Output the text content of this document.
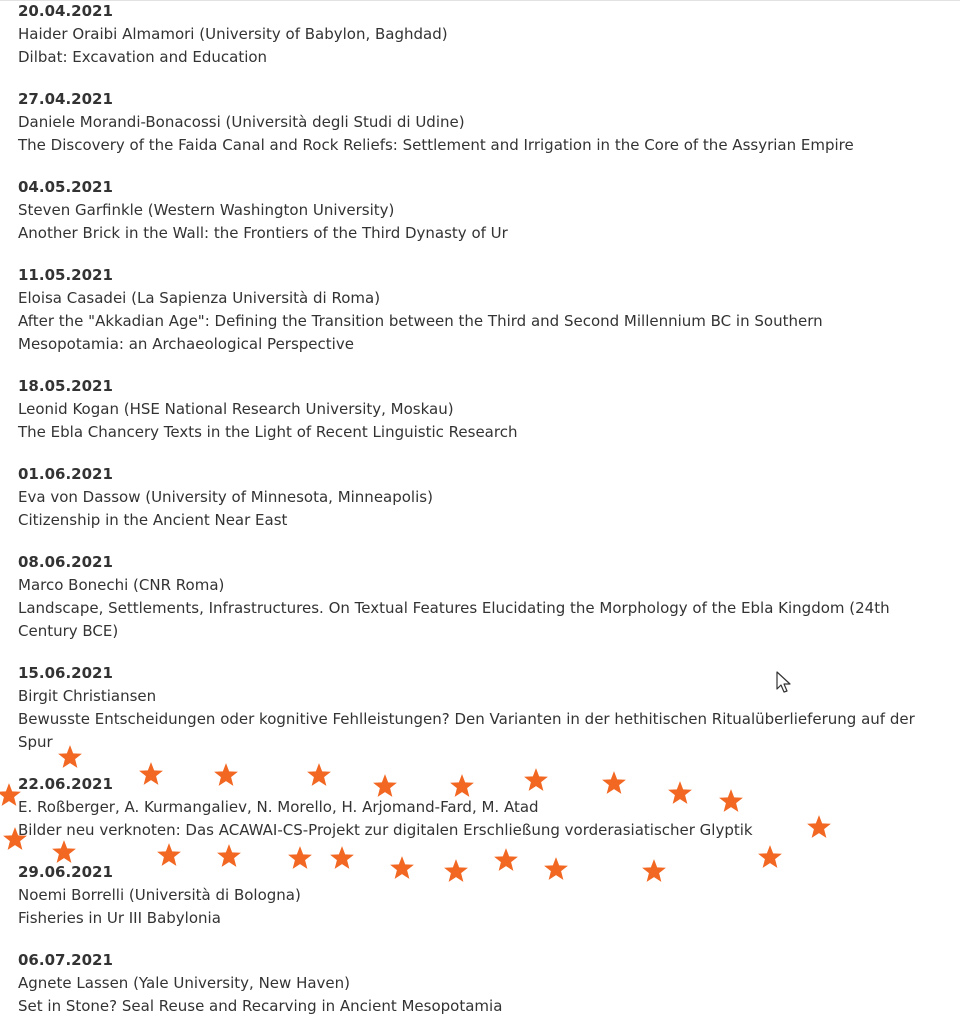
20.04.2021
Haider Oraibi Almamori (University of Babylon, Baghdad)
Dilbat: Excavation and Education
27.04.2021
Daniele Morandi-Bonacossi (Università degli Studi di Udine)
The Discovery of the Faida Canal and Rock Reliefs: Settlement and Irrigation in the Core of the Assyrian Empire
04.05.2021
Steven Garfinkle (Western Washington University)
Another Brick in the Wall: the Frontiers of the Third Dynasty of Ur
11.05.2021
Eloisa Casadei (La Sapienza Università di Roma)
After the "Akkadian Age": Defining the Transition between the Third and Second Millennium BC in Southern Mesopotamia: an Archaeological Perspective
18.05.2021
Leonid Kogan (HSE National Research University, Moskau)
The Ebla Chancery Texts in the Light of Recent Linguistic Research
01.06.2021
Eva von Dassow (University of Minnesota, Minneapolis)
Citizenship in the Ancient Near East
08.06.2021
Marco Bonechi (CNR Roma)
Landscape, Settlements, Infrastructures. On Textual Features Elucidating the Morphology of the Ebla Kingdom (24th Century BCE)
15.06.2021
Birgit Christiansen
Bewusste Entscheidungen oder kognitive Fehlleistungen? Den Varianten in der hethitischen Ritualüberlieferung auf der Spur
22.06.2021
E. Roßberger, A. Kurmangaliev, N. Morello, H. Arjomand-Fard, M. Atad
Bilder neu verknoten: Das ACAWAI-CS-Projekt zur digitalen Erschließung vorderasiatischer Glyptik
29.06.2021
Noemi Borrelli (Università di Bologna)
Fisheries in Ur III Babylonia
06.07.2021
Agnete Lassen (Yale University, New Haven)
Set in Stone? Seal Reuse and Recarving in Ancient Mesopotamia
